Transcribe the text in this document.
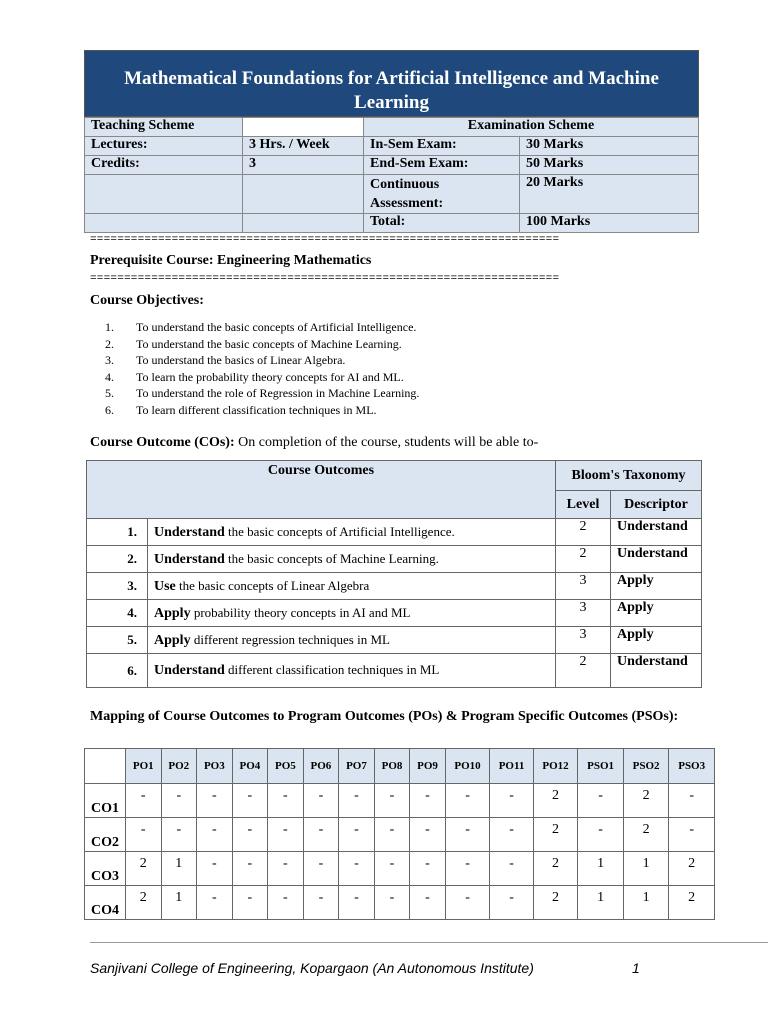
Mathematical Foundations for Artificial Intelligence and Machine Learning
Teaching Scheme		Examination Scheme	
Lectures:	3 Hrs. / Week	In-Sem Exam:	30 Marks
Credits:	3	End-Sem Exam:	50 Marks
		Continuous Assessment:	20 Marks
		Total:	100 Marks
=====================================================================
Prerequisite Course: Engineering Mathematics
=====================================================================
Course Objectives:
1. To understand the basic concepts of Artificial Intelligence.
2. To understand the basic concepts of Machine Learning.
3. To understand the basics of Linear Algebra.
4. To learn the probability theory concepts for AI and ML.
5. To understand the role of Regression in Machine Learning.
6. To learn different classification techniques in ML.
Course Outcome (COs): On completion of the course, students will be able to-
Course Outcomes		Bloom's Taxonomy	
		Level	Descriptor
1.	Understand the basic concepts of Artificial Intelligence.	2	Understand
2.	Understand the basic concepts of Machine Learning.	2	Understand
3.	Use the basic concepts of Linear Algebra	3	Apply
4.	Apply probability theory concepts in AI and ML	3	Apply
5.	Apply different regression techniques in ML	3	Apply
6.	Understand different classification techniques in ML	2	Understand
Mapping of Course Outcomes to Program Outcomes (POs) & Program Specific Outcomes (PSOs):
	PO1	PO2	PO3	PO4	PO5	PO6	PO7	PO8	PO9	PO10	PO11	PO12	PSO1	PSO2	PSO3
CO1	-	-	-	-	-	-	-	-	-	-	-	2	-	2	-
CO2	-	-	-	-	-	-	-	-	-	-	-	2	-	2	-
CO3	2	1	-	-	-	-	-	-	-	-	-	2	1	1	2
CO4	2	1	-	-	-	-	-	-	-	-	-	2	1	1	2
Sanjivani College of Engineering, Kopargaon (An Autonomous Institute)	1
